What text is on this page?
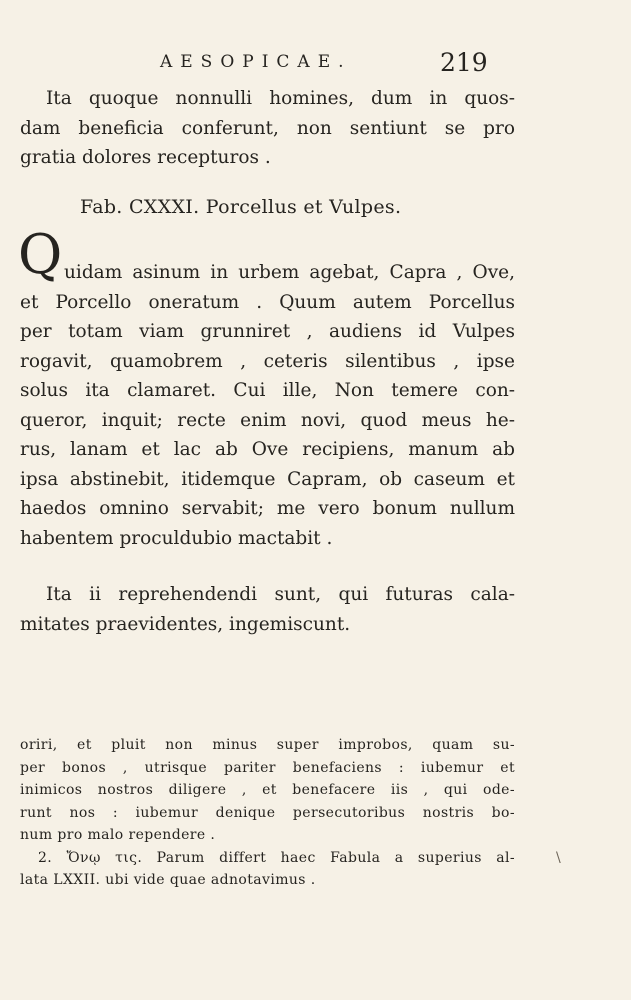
AESOPICAE.	219
Ita quoque nonnulli homines, dum in quos-
dam beneficia conferunt, non sentiunt se pro
gratia dolores recepturos .
Fab. CXXXI. Porcellus et Vulpes.
Q uidam asinum in urbem agebat, Capra , Ove,
et Porcello oneratum . Quum autem Porcellus
per totam viam grunniret , audiens id Vulpes
rogavit, quamobrem , ceteris silentibus , ipse
solus ita clamaret. Cui ille, Non temere con-
queror, inquit; recte enim novi, quod meus he-
rus, lanam et lac ab Ove recipiens, manum ab
ipsa abstinebit, itidemque Capram, ob caseum et
haedos omnino servabit; me vero bonum nullum
habentem proculdubio mactabit .
Ita ii reprehendendi sunt, qui futuras cala-
mitates praevidentes, ingemiscunt.
oriri, et pluit non minus super improbos, quam su-
per bonos , utrisque pariter benefaciens : iubemur et
inimicos nostros diligere , et benefacere iis , qui ode-
runt nos : iubemur denique persecutoribus nostris bo-
num pro malo rependere .
2. Ὄνῳ τις. Parum differt haec Fabula a superius al-
lata LXXII. ubi vide quae adnotavimus .
\
